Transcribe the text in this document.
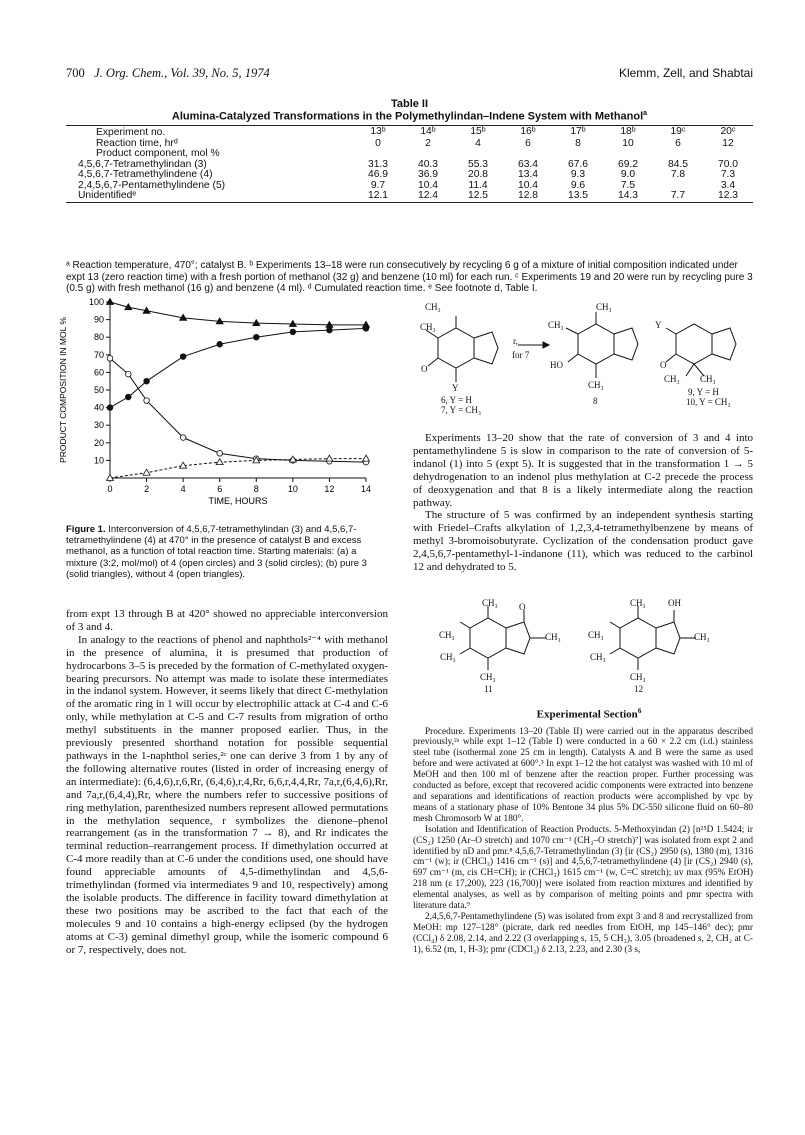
700 J. Org. Chem., Vol. 39, No. 5, 1974	Klemm, Zell, and Shabtai
Table II
Alumina-Catalyzed Transformations in the Polymethylindan–Indene System with Methanol$^a$
Experiment no.	13ᵇ	14ᵇ	15ᵇ	16ᵇ	17ᵇ	18ᵇ	19ᶜ	20ᶜ
Reaction time, hrᵈ	0	2	4	6	8	10	6	12
Product component, mol %								
4,5,6,7-Tetramethylindan (3)	31.3	40.3	55.3	63.4	67.6	69.2	84.5	70.0
4,5,6,7-Tetramethylindene (4)	46.9	36.9	20.8	13.4	9.3	9.0	7.8	7.3
2,4,5,6,7-Pentamethylindene (5)	9.7	10.4	11.4	10.4	9.6	7.5		3.4
Unidentifiedᵉ	12.1	12.4	12.5	12.8	13.5	14.3	7.7	12.3
ᵃ Reaction temperature, 470°; catalyst B. ᵇ Experiments 13–18 were run consecutively by recycling 6 g of a mixture of initial composition indicated under expt 13 (zero reaction time) with a fresh portion of methanol (32 g) and benzene (10 ml) for each run. ᶜ Experiments 19 and 20 were run by recycling pure 3 (0.5 g) with fresh methanol (16 g) and benzene (4 ml). ᵈ Cumulated reaction time. ᵉ See footnote d, Table I.
10
20
30
40
50
60
70
80
90
100
0	2	4	6	8	10	12	14
TIME, HOURS
PRODUCT COMPOSITION IN MOL %
Figure 1. Interconversion of 4,5,6,7-tetramethylindan (3) and 4,5,6,7-tetramethylindene (4) at 470° in the presence of catalyst B and excess methanol, as a function of total reaction time. Starting materials: (a) a mixture (3:2, mol/mol) of 4 (open circles) and 3 (solid circles); (b) pure 3 (solid triangles), without 4 (open triangles).

from expt 13 through B at 420° showed no appreciable interconversion of 3 and 4.

In analogy to the reactions of phenol and naphthols²⁻⁴ with methanol in the presence of alumina, it is presumed that production of hydrocarbons 3–5 is preceded by the formation of C-methylated oxygen-bearing precursors. No attempt was made to isolate these intermediates in the indanol system. However, it seems likely that direct C-methylation of the aromatic ring in 1 will occur by electrophilic attack at C-4 and C-6 only, while methylation at C-5 and C-7 results from migration of ortho methyl substituents in the manner proposed earlier. Thus, in the previously presented shorthand notation for possible sequential pathways in the 1-naphthol series,²ᶜ one can derive 3 from 1 by any of the following alternative routes (listed in order of increasing energy of an intermediate): (6,4,6),r,6,Rr, (6,4,6),r,4,Rr, 6,6,r,4,4,Rr, 7a,r,(6,4,6),Rr, and 7a,r,(6,4,4),Rr, where the numbers refer to successive positions of ring methylation, parenthesized numbers represent allowed permutations in the methylation sequence, r symbolizes the dienone–phenol rearrangement (as in the transformation 7 → 8), and Rr indicates the terminal reduction–rearrangement process. If dimethylation occurred at C-4 more readily than at C-6 under the conditions used, one should have found appreciable amounts of 4,5-dimethylindan and 4,5,6-trimethylindan (formed via intermediates 9 and 10, respectively) among the isolable products. The difference in facility toward dimethylation at these two positions may be ascribed to the fact that each of the molecules 9 and 10 contains a high-energy eclipsed (by the hydrogen atoms at C-3) geminal dimethyl group, while the isomeric compound 6 or 7, respectively, does not.

CH₃
CH₃
O
Y
6, Y = H
7, Y = CH₃
r,
for 7
CH₃
CH₃
HO
CH₃
8
Y
O
CH₃ CH₃
9, Y = H
10, Y = CH₃

Experiments 13–20 show that the rate of conversion of 3 and 4 into pentamethylindene 5 is slow in comparison to the rate of conversion of 5-indanol (1) into 5 (expt 5). It is suggested that in the transformation 1 → 5 dehydrogenation to an indenol plus methylation at C-2 precede the process of deoxygenation and that 8 is a likely intermediate along the reaction pathway.

The structure of 5 was confirmed by an independent synthesis starting with Friedel–Crafts alkylation of 1,2,3,4-tetramethylbenzene by means of methyl 3-bromoisobutyrate. Cyclization of the condensation product gave 2,4,5,6,7-pentamethyl-1-indanone (11), which was reduced to the carbinol 12 and dehydrated to 5.

CH₃ O
CH₃	CH₃
CH₃
CH₃
11
CH₃ OH
CH₃	CH₃
CH₃
CH₃
12

Experimental Section$^6$

Procedure. Experiments 13–20 (Table II) were carried out in the apparatus described previously,²ᵃ while expt 1–12 (Table I) were conducted in a 60 × 2.2 cm (i.d.) stainless steel tube (isothermal zone 25 cm in length). Catalysts A and B were the same as used before and were activated at 600°.³ In expt 1–12 the hot catalyst was washed with 10 ml of MeOH and then 100 ml of benzene after the reaction proper. Further processing was conducted as before, except that recovered acidic components were extracted into benzene and separations and identifications of reaction products were accomplished by vpc by means of a stationary phase of 10% Bentone 34 plus 5% DC-550 silicone fluid on 60–80 mesh Chromosorb W at 180°.

Isolation and Identification of Reaction Products. 5-Methoxyindan (2) [n²⁵D 1.5424; ir (CS₂) 1250 (Ar–O stretch) and 1070 cm⁻¹ (CH₃–O stretch)⁷] was isolated from expt 2 and identified by nD and pmr.⁸ 4,5,6,7-Tetramethylindan (3) [ir (CS₂) 2950 (s), 1380 (m), 1316 cm⁻¹ (w); ir (CHCl₃) 1416 cm⁻¹ (s)] and 4,5,6,7-tetramethylindene (4) [ir (CS₂) 2940 (s), 697 cm⁻¹ (m, cis CH=CH); ir (CHCl₃) 1615 cm⁻¹ (w, C=C stretch); uv max (95% EtOH) 218 nm (ε 17,200), 223 (16,700)] were isolated from reaction mixtures and identified by elemental analyses, as well as by comparison of melting points and pmr spectra with literature data.⁹

2,4,5,6,7-Pentamethylindene (5) was isolated from expt 3 and 8 and recrystallized from MeOH: mp 127–128° (picrate, dark red needles from EtOH, mp 145–146° dec); pmr (CCl₄) δ 2.08, 2.14, and 2.22 (3 overlapping s, 15, 5 CH₃), 3.05 (broadened s, 2, CH₂ at C-1), 6.52 (m, 1, H-3); pmr (CDCl₃) δ 2.13, 2.23, and 2.30 (3 s,
